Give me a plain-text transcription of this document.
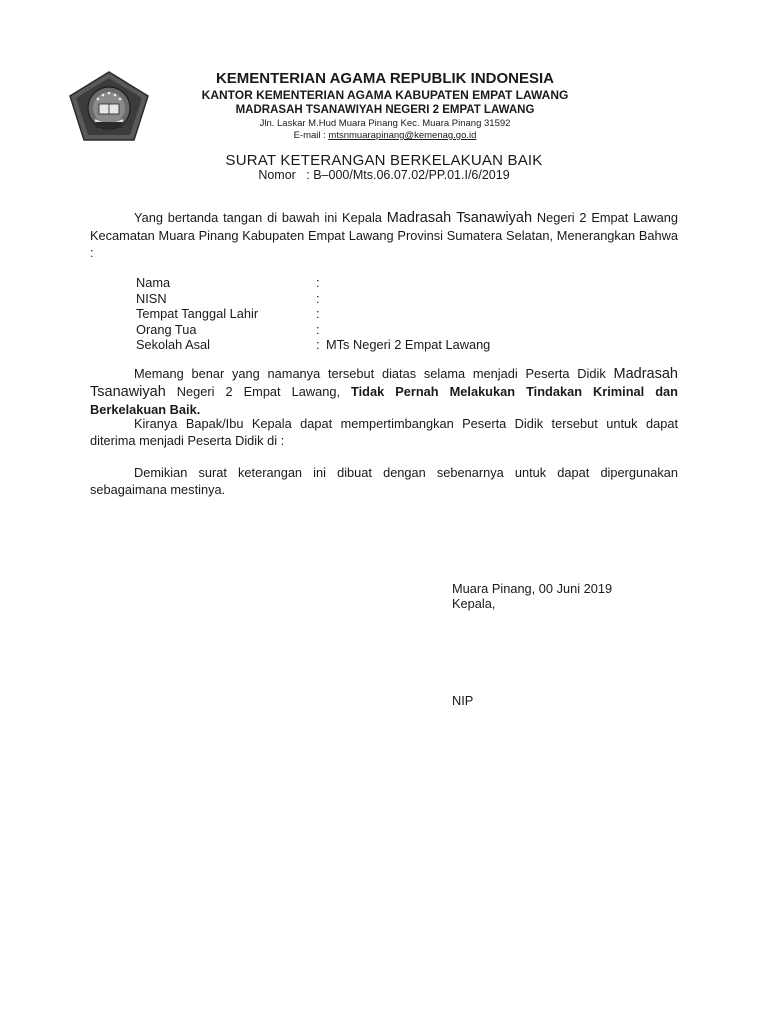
KEMENTERIAN AGAMA REPUBLIK INDONESIA
KANTOR KEMENTERIAN AGAMA KABUPATEN EMPAT LAWANG
MADRASAH TSANAWIYAH NEGERI 2 EMPAT LAWANG
Jln. Laskar M.Hud Muara Pinang Kec. Muara Pinang 31592
E-mail : mtsnmuarapinang@kemenag.go.id
SURAT KETERANGAN BERKELAKUAN BAIK
Nomor : B–000/Mts.06.07.02/PP.01.I/6/2019
Yang bertanda tangan di bawah ini Kepala Madrasah Tsanawiyah Negeri 2 Empat Lawang Kecamatan Muara Pinang Kabupaten Empat Lawang Provinsi Sumatera Selatan, Menerangkan Bahwa :
Nama	:
NISN	:
Tempat Tanggal Lahir	:
Orang Tua	:
Sekolah Asal	: MTs Negeri 2 Empat Lawang
Memang benar yang namanya tersebut diatas selama menjadi Peserta Didik Madrasah Tsanawiyah Negeri 2 Empat Lawang, Tidak Pernah Melakukan Tindakan Kriminal dan Berkelakuan Baik.
Kiranya Bapak/Ibu Kepala dapat mempertimbangkan Peserta Didik tersebut untuk dapat diterima menjadi Peserta Didik di :
Demikian surat keterangan ini dibuat dengan sebenarnya untuk dapat dipergunakan sebagaimana mestinya.
Muara Pinang, 00 Juni 2019
Kepala,
NIP
